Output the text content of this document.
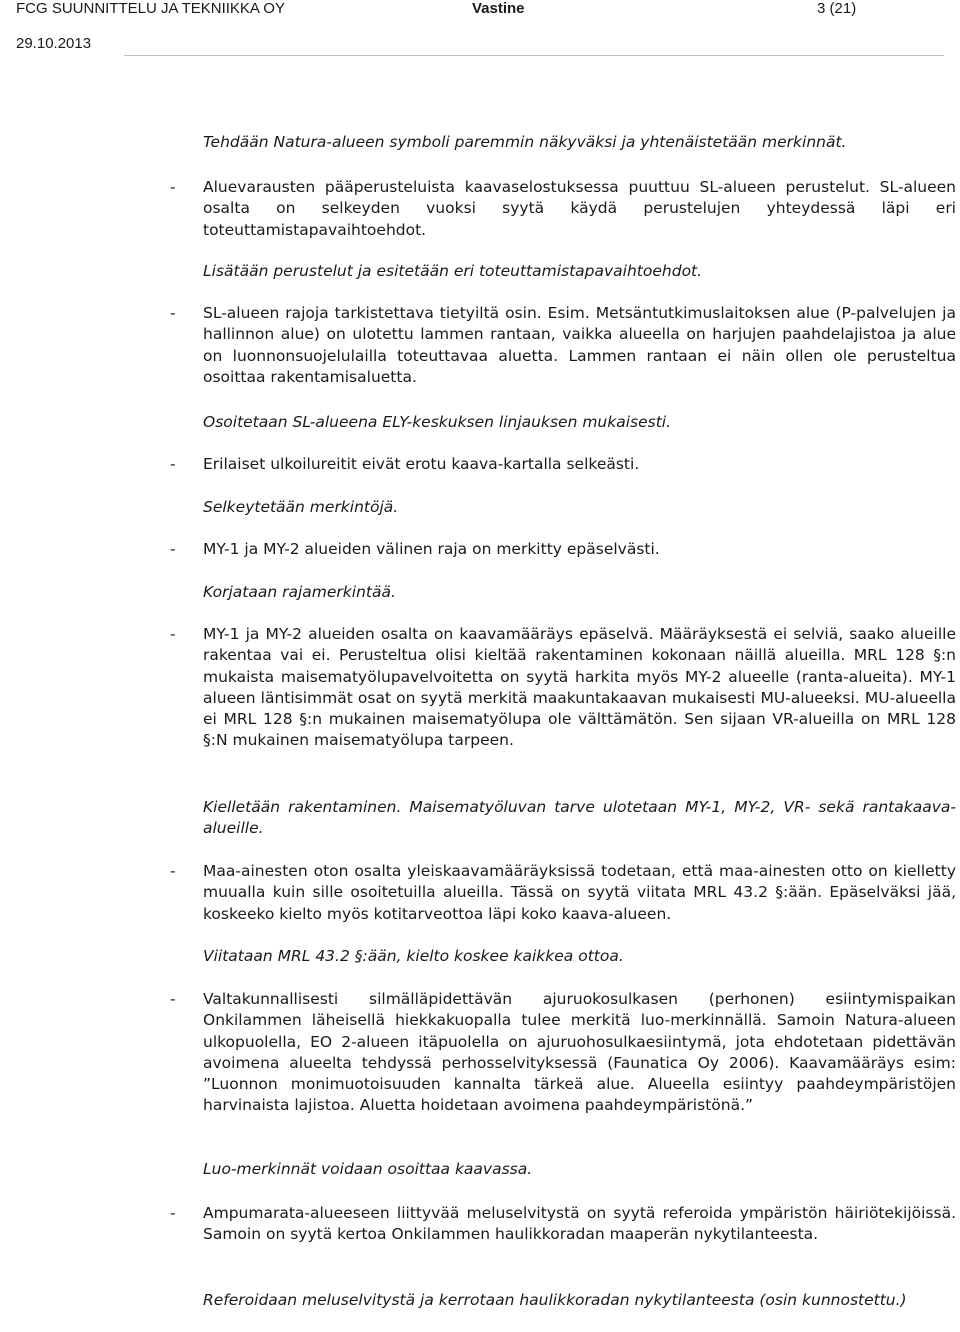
FCG SUUNNITTELU JA TEKNIIKKA OY	Vastine	3 (21)
29.10.2013

Tehdään Natura-alueen symboli paremmin näkyväksi ja yhtenäistetään merkinnät.

- Aluevarausten pääperusteluista kaavaselostuksessa puuttuu SL-alueen perustelut. SL-alueen osalta on selkeyden vuoksi syytä käydä perustelujen yhteydessä läpi eri toteuttamistapavaihtoehdot.

Lisätään perustelut ja esitetään eri toteuttamistapavaihtoehdot.

- SL-alueen rajoja tarkistettava tietyiltä osin. Esim. Metsäntutkimuslaitoksen alue (P-palvelujen ja hallinnon alue) on ulotettu lammen rantaan, vaikka alueella on harjujen paahdelajistoa ja alue on luonnonsuojelulailla toteuttavaa aluetta. Lammen rantaan ei näin ollen ole perusteltua osoittaa rakentamisaluetta.

Osoitetaan SL-alueena ELY-keskuksen linjauksen mukaisesti.

- Erilaiset ulkoilureitit eivät erotu kaava-kartalla selkeästi.

Selkeytetään merkintöjä.

- MY-1 ja MY-2 alueiden välinen raja on merkitty epäselvästi.

Korjataan rajamerkintää.

- MY-1 ja MY-2 alueiden osalta on kaavamääräys epäselvä. Määräyksestä ei selviä, saako alueille rakentaa vai ei. Perusteltua olisi kieltää rakentaminen kokonaan näillä alueilla. MRL 128 §:n mukaista maisematyölupavelvoitetta on syytä harkita myös MY-2 alueelle (ranta-alueita). MY-1 alueen läntisimmät osat on syytä merkitä maakuntakaavan mukaisesti MU-alueeksi. MU-alueella ei MRL 128 §:n mukainen maisematyölupa ole välttämätön. Sen sijaan VR-alueilla on MRL 128 §:N mukainen maisematyölupa tarpeen.

Kielletään rakentaminen. Maisematyöluvan tarve ulotetaan MY-1, MY-2, VR- sekä rantakaava-alueille.

- Maa-ainesten oton osalta yleiskaavamääräyksissä todetaan, että maa-ainesten otto on kielletty muualla kuin sille osoitetuilla alueilla. Tässä on syytä viitata MRL 43.2 §:ään. Epäselväksi jää, koskeeko kielto myös kotitarveottoa läpi koko kaava-alueen.

Viitataan MRL 43.2 §:ään, kielto koskee kaikkea ottoa.

- Valtakunnallisesti silmälläpidettävän ajuruokosulkasen (perhonen) esiintymispaikan Onkilammen läheisellä hiekkakuopalla tulee merkitä luo-merkinnällä. Samoin Natura-alueen ulkopuolella, EO 2-alueen itäpuolella on ajuruohosulkaesiintymä, jota ehdotetaan pidettävän avoimena alueelta tehdyssä perhosselvityksessä (Faunatica Oy 2006). Kaavamääräys esim: ”Luonnon monimuotoisuuden kannalta tärkeä alue. Alueella esiintyy paahdeympäristöjen harvinaista lajistoa. Aluetta hoidetaan avoimena paahdeympäristönä.”

Luo-merkinnät voidaan osoittaa kaavassa.

- Ampumarata-alueeseen liittyvää meluselvitystä on syytä referoida ympäristön häiriötekijöissä. Samoin on syytä kertoa Onkilammen haulikkoradan maaperän nykytilanteesta.

Referoidaan meluselvitystä ja kerrotaan haulikkoradan nykytilanteesta (osin kunnostettu.)
